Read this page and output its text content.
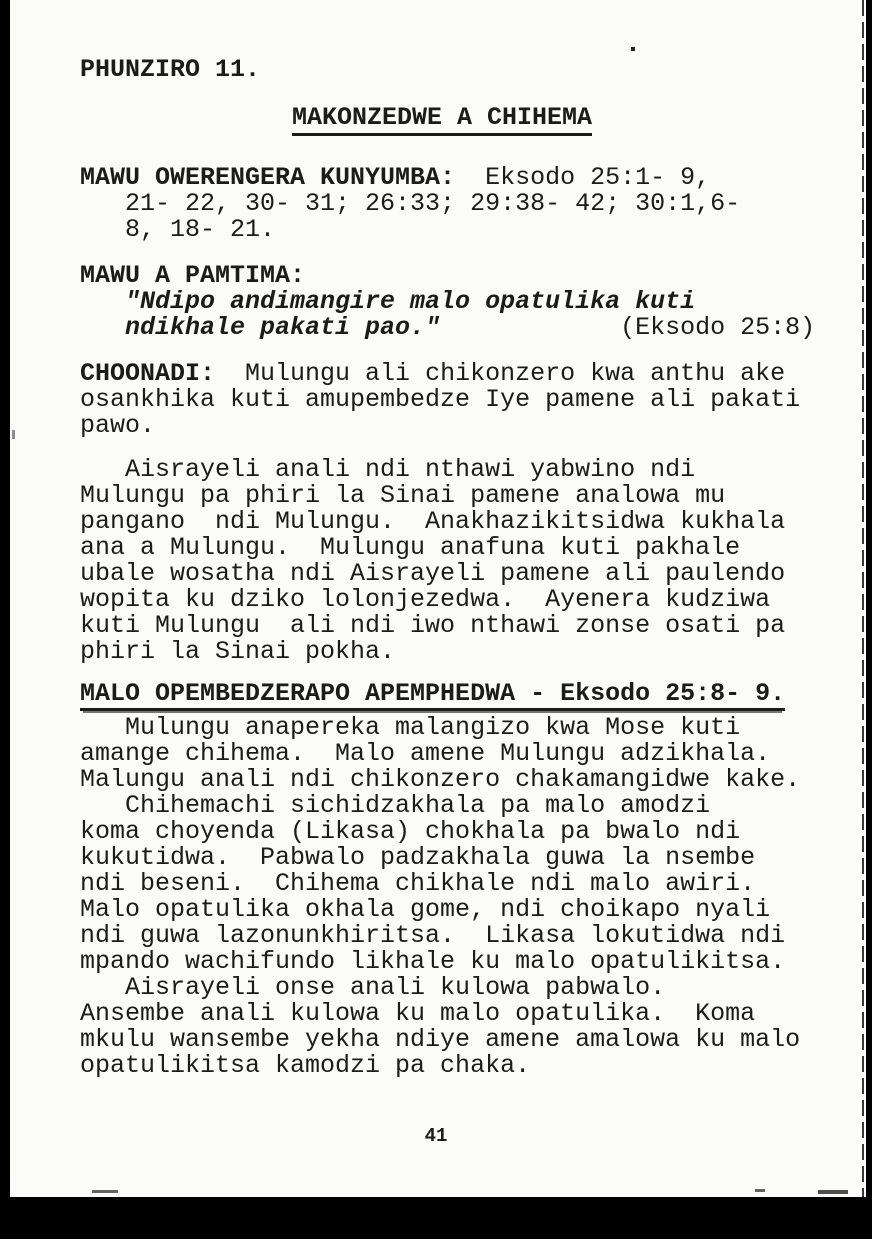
PHUNZIRO 11.
MAKONZEDWE A CHIHEMA
MAWU OWERENGERA KUNYUMBA:  Eksodo 25:1- 9,
21- 22, 30- 31; 26:33; 29:38- 42; 30:1,6-
8, 18- 21.
MAWU A PAMTIMA:
"Ndipo andimangire malo opatulika kuti
ndikhale pakati pao."            (Eksodo 25:8)
CHOONADI:  Mulungu ali chikonzero kwa anthu ake
osankhika kuti amupembedze Iye pamene ali pakati
pawo.
Aisrayeli anali ndi nthawi yabwino ndi
Mulungu pa phiri la Sinai pamene analowa mu
pangano  ndi Mulungu.  Anakhazikitsidwa kukhala
ana a Mulungu.  Mulungu anafuna kuti pakhale
ubale wosatha ndi Aisrayeli pamene ali paulendo
wopita ku dziko lolonjezedwa.  Ayenera kudziwa
kuti Mulungu  ali ndi iwo nthawi zonse osati pa
phiri la Sinai pokha.
MALO OPEMBEDZERAPO APEMPHEDWA - Eksodo 25:8- 9.
Mulungu anapereka malangizo kwa Mose kuti
amange chihema.  Malo amene Mulungu adzikhala.
Malungu anali ndi chikonzero chakamangidwe kake.
Chihemachi sichidzakhala pa malo amodzi
koma choyenda (Likasa) chokhala pa bwalo ndi
kukutidwa.  Pabwalo padzakhala guwa la nsembe
ndi beseni.  Chihema chikhale ndi malo awiri.
Malo opatulika okhala gome, ndi choikapo nyali
ndi guwa lazonunkhiritsa.  Likasa lokutidwa ndi
mpando wachifundo likhale ku malo opatulikitsa.
Aisrayeli onse anali kulowa pabwalo.
Ansembe anali kulowa ku malo opatulika.  Koma
mkulu wansembe yekha ndiye amene amalowa ku malo
opatulikitsa kamodzi pa chaka.
41
